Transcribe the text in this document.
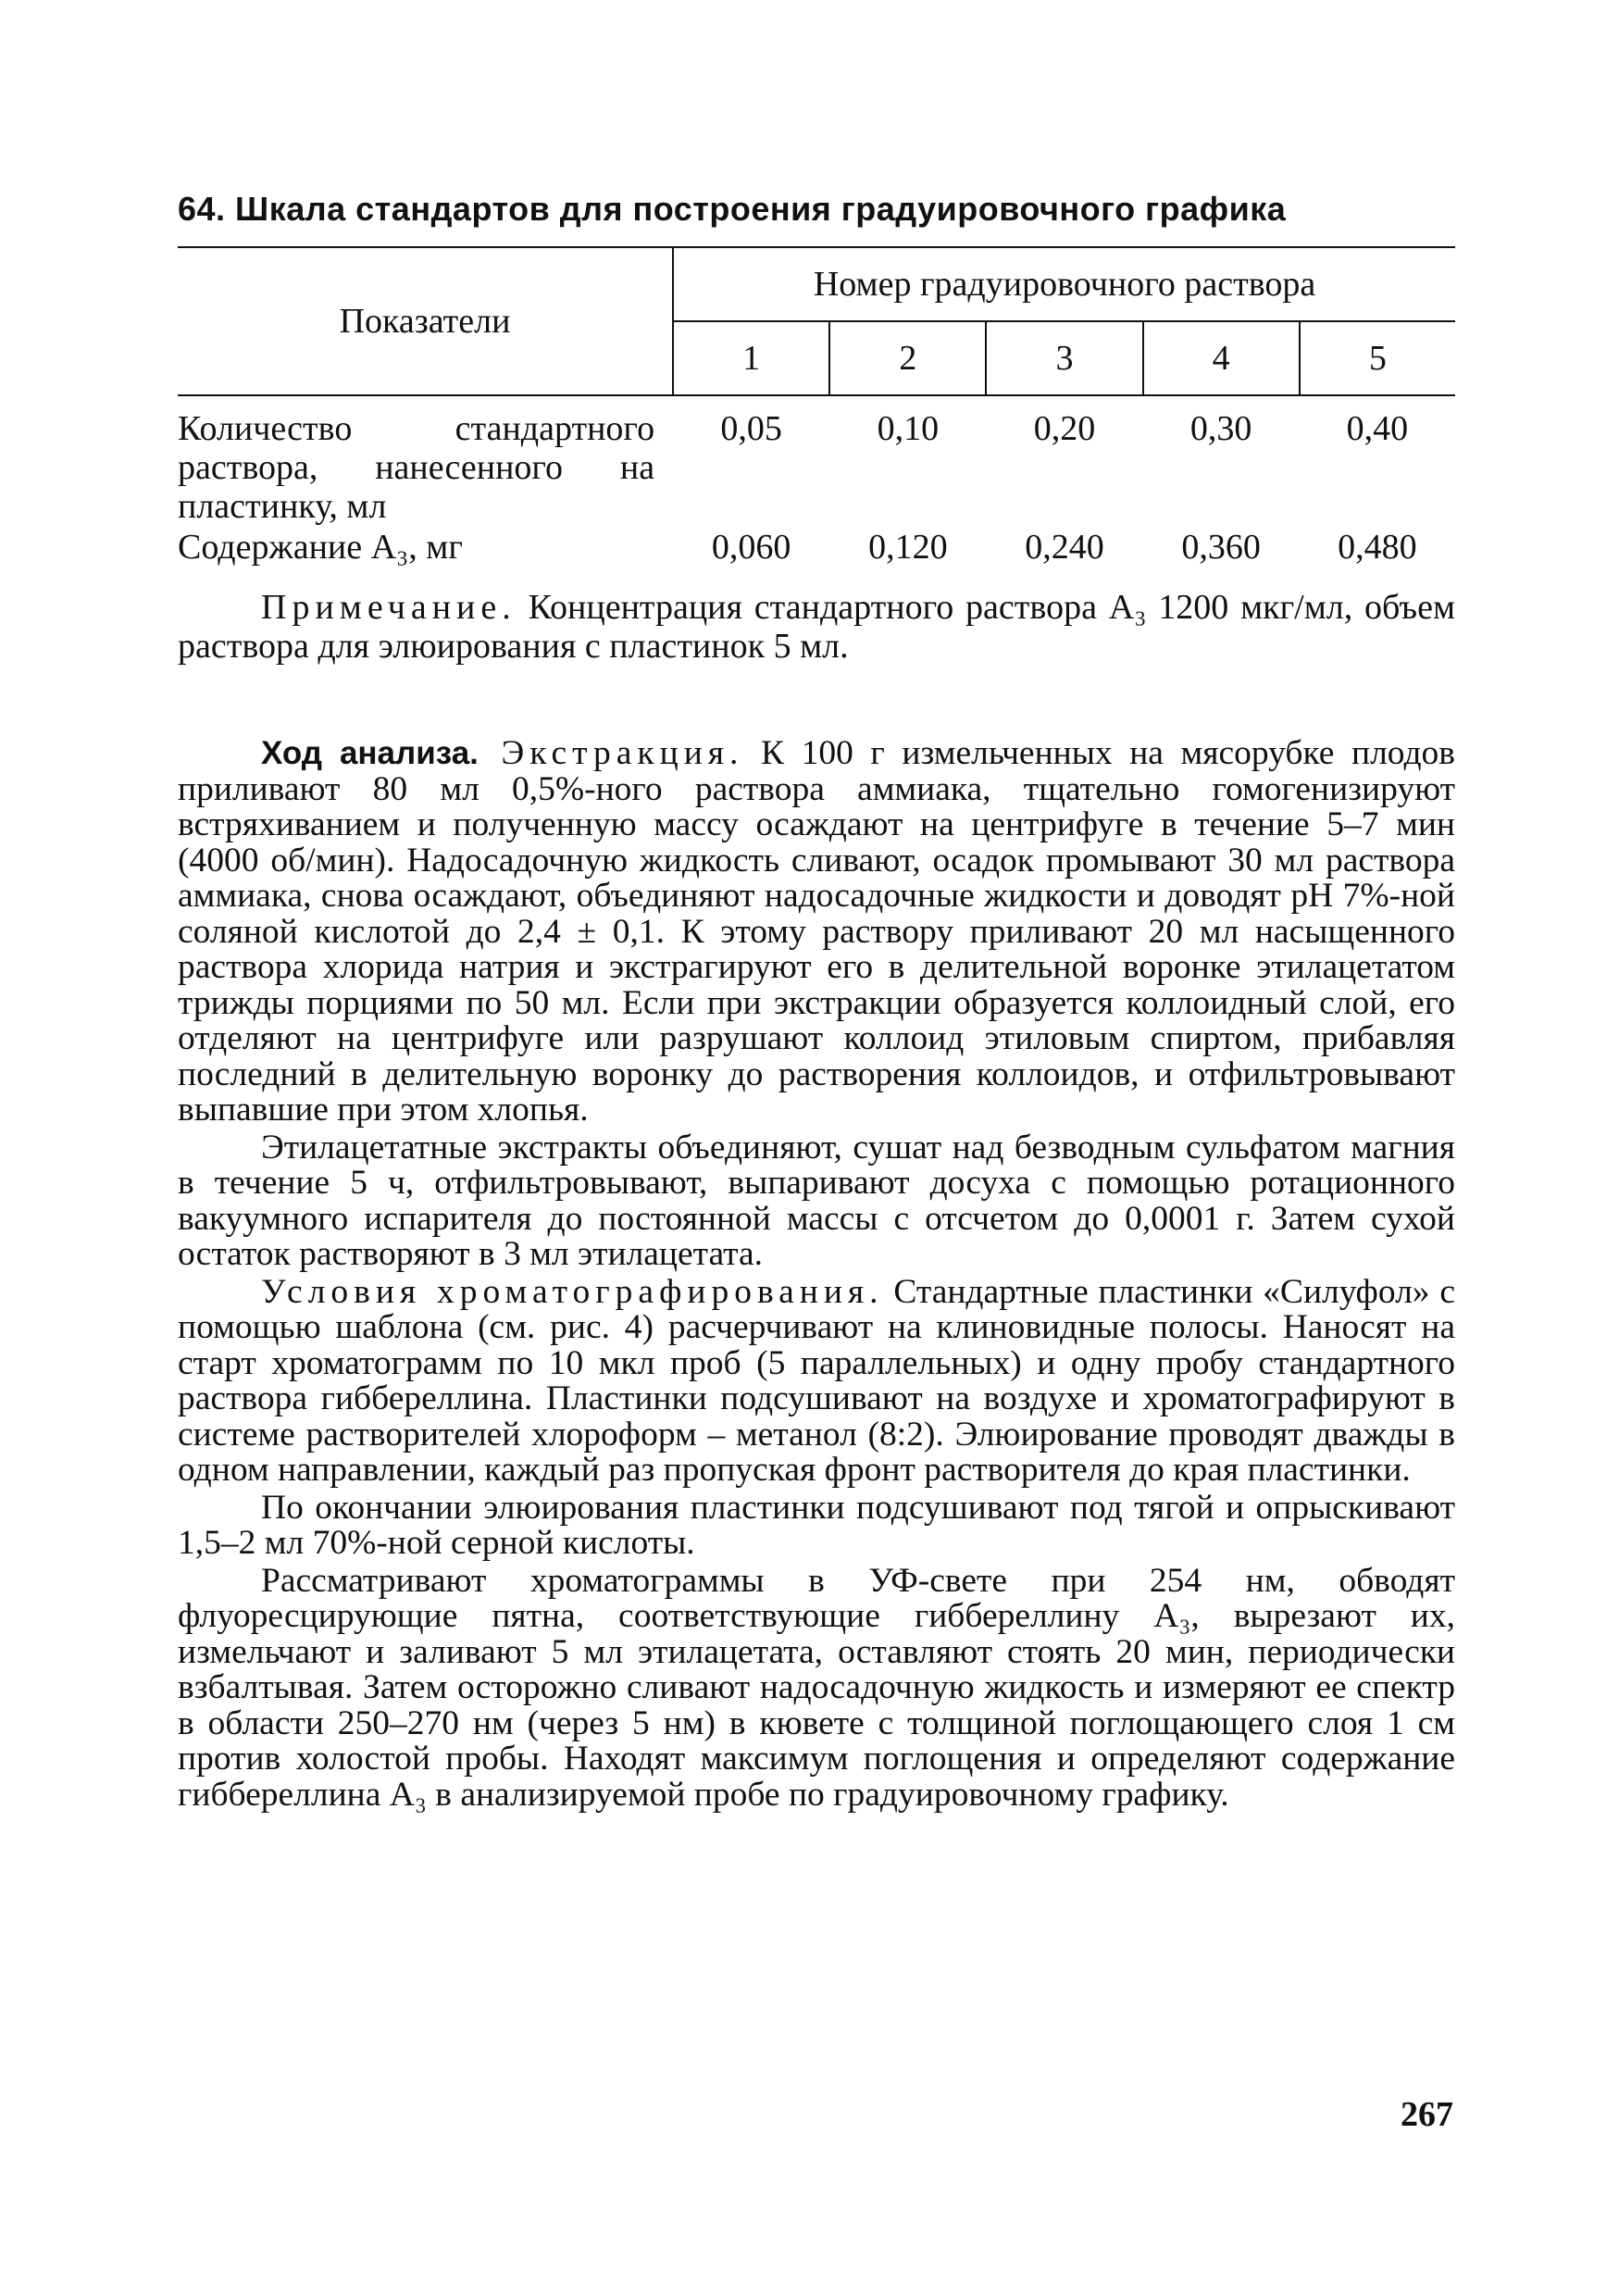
64. Шкала стандартов для построения градуировочного графика
Показатели	Номер градуировочного раствора				
	1	2	3	4	5
Количество стандартного раствора, нанесенного на пластинку, мл	0,05	0,10	0,20	0,30	0,40
Содержание А₃, мг	0,060	0,120	0,240	0,360	0,480
Примечание. Концентрация стандартного раствора А₃ 1200 мкг/мл, объем раствора для элюирования с пластинок 5 мл.

Ход анализа. Экстракция. К 100 г измельченных на мясорубке плодов приливают 80 мл 0,5%-ного раствора аммиака, тщательно гомогенизируют встряхиванием и полученную массу осаждают на центрифуге в течение 5–7 мин (4000 об/мин). Надосадочную жидкость сливают, осадок промывают 30 мл раствора аммиака, снова осаждают, объединяют надосадочные жидкости и доводят pH 7%-ной соляной кислотой до 2,4 ± 0,1. К этому раствору приливают 20 мл насыщенного раствора хлорида натрия и экстрагируют его в делительной воронке этилацетатом трижды порциями по 50 мл. Если при экстракции образуется коллоидный слой, его отделяют на центрифуге или разрушают коллоид этиловым спиртом, прибавляя последний в делительную воронку до растворения коллоидов, и отфильтровывают выпавшие при этом хлопья.

Этилацетатные экстракты объединяют, сушат над безводным сульфатом магния в течение 5 ч, отфильтровывают, выпаривают досуха с помощью ротационного вакуумного испарителя до постоянной массы с отсчетом до 0,0001 г. Затем сухой остаток растворяют в 3 мл этилацетата.

Условия хроматографирования. Стандартные пластинки «Силуфол» с помощью шаблона (см. рис. 4) расчерчивают на клиновидные полосы. Наносят на старт хроматограмм по 10 мкл проб (5 параллельных) и одну пробу стандартного раствора гиббереллина. Пластинки подсушивают на воздухе и хроматографируют в системе растворителей хлороформ – метанол (8:2). Элюирование проводят дважды в одном направлении, каждый раз пропуская фронт растворителя до края пластинки.

По окончании элюирования пластинки подсушивают под тягой и опрыскивают 1,5–2 мл 70%-ной серной кислоты.

Рассматривают хроматограммы в УФ-свете при 254 нм, обводят флуоресцирующие пятна, соответствующие гиббереллину А₃, вырезают их, измельчают и заливают 5 мл этилацетата, оставляют стоять 20 мин, периодически взбалтывая. Затем осторожно сливают надосадочную жидкость и измеряют ее спектр в области 250–270 нм (через 5 нм) в кювете с толщиной поглощающего слоя 1 см против холостой пробы. Находят максимум поглощения и определяют содержание гиббереллина А₃ в анализируемой пробе по градуировочному графику.

267
